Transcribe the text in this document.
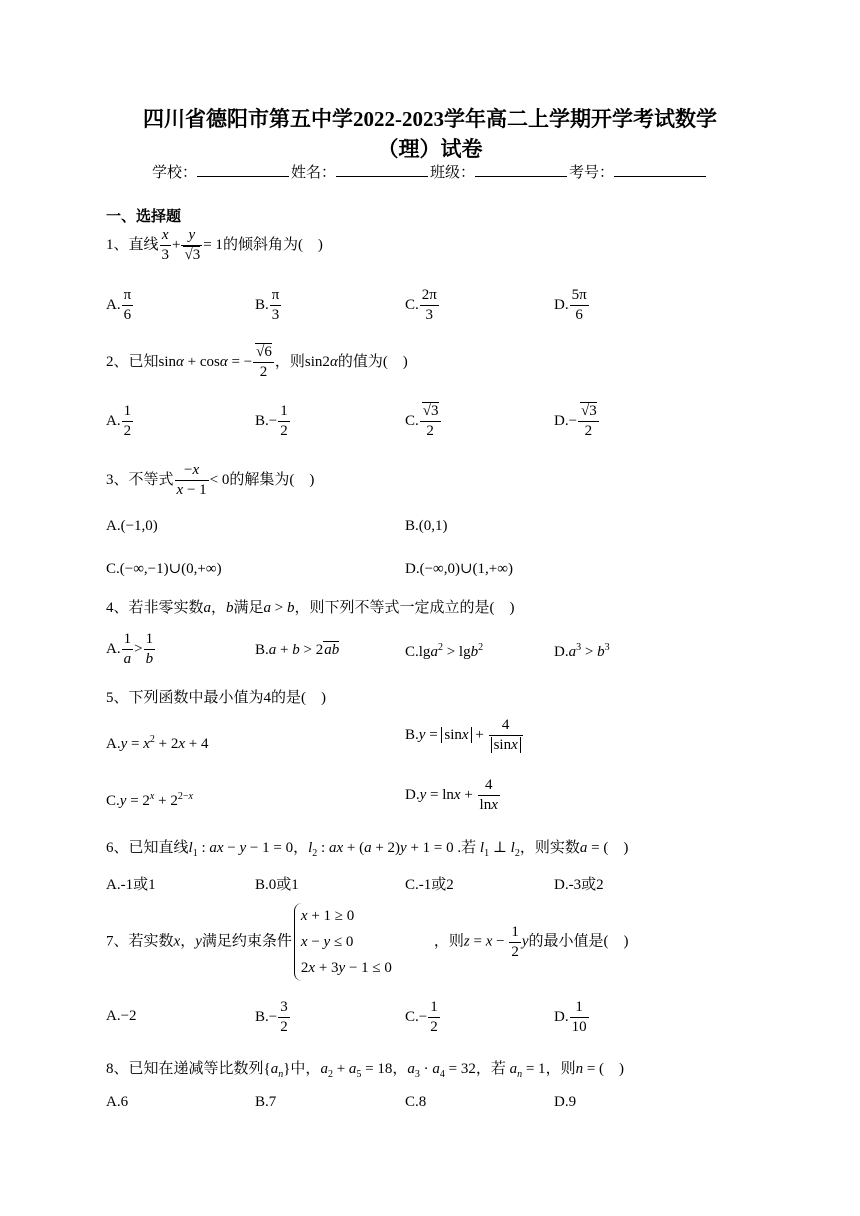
四川省德阳市第五中学2022-2023学年高二上学期开学考试数学
（理）试卷
学校：	姓名：	班级：	考号：
一、选择题
1、直线 $\frac{x}{3} + \frac{y}{√3} = 1$的倾斜角为(　)
A. $\frac{\pi}{6}$	B. $\frac{\pi}{3}$	C. $\frac{2\pi}{3}$	D. $\frac{5\pi}{6}$
2、已知sinα + cosα = − $\frac{√6}{2}$ ，则sin2α的值为(　)
A. $\frac{1}{2}$	$B.- \frac{1}{2}$	C. $\frac{√3}{2}$	$D.- \frac{√3}{2}$
3、不等式 $\frac{-x}{x - 1} < 0$的解集为(　)
A.(−1,0)	B.(0,1)
C.(−∞,−1)∪(0,+∞)	D.(−∞,0)∪(1,+∞)
4、若非零实数a，b满足a > b，则下列不等式一定成立的是(　)
A. $\frac{1}{a} > \frac{1}{b}$	B.a + b > 2ab	C.lga$^2$ > lgb$^2$	$D.a^3 > b^3$
5、下列函数中最小值为4的是(　)
$A.y = x^2 + 2x + 4$
$B.y = \sin x + \frac{4}{\sin x}$
$C.y = 2^x + 2^{2-x}$	$D.y = \ln x + \frac{4}{\ln x}$
6、已知直线$l_1$ : ax − y − 1 = 0，$l_2$ : ax + (a + 2)y + 1 = 0 .若 $l_1$ ⊥ $l_2$，则实数a = (　)
A.-1或1	B.0或1	C.-1或2	D.-3或2
7、若实数x，y满足约束条件
x + 1 ≥ 0
x − y ≤ 0
2x + 3y − 1 ≤ 0
，则$z = x - \frac{1}{2}$ y的最小值是(　)
A.−2	$B.- \frac{3}{2}$	$C.- \frac{1}{2}$	D. $\frac{1}{10}$
8、已知在递减等比数列$\{a_n\}$中，$a_2 + a_5 = 18$，$a_3 \cdot a_4 = 32$，若 $a_n = 1$，则n = (　)
A.6	B.7	C.8	D.9
